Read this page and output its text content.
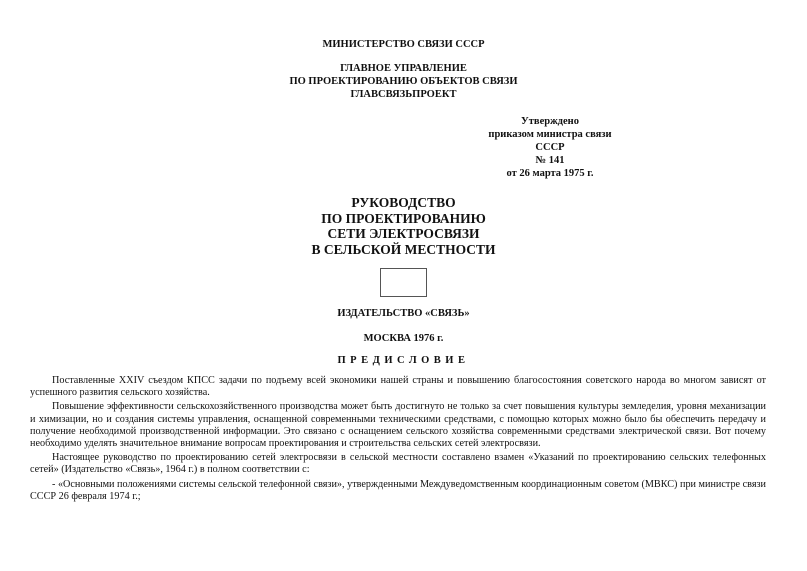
МИНИСТЕРСТВО СВЯЗИ СССР
ГЛАВНОЕ УПРАВЛЕНИЕ
ПО ПРОЕКТИРОВАНИЮ ОБЪЕКТОВ СВЯЗИ
ГЛАВСВЯЗЬПРОЕКТ
Утверждено
приказом министра связи
СССР
№ 141
от 26 марта 1975 г.
РУКОВОДСТВО
ПО ПРОЕКТИРОВАНИЮ
СЕТИ ЭЛЕКТРОСВЯЗИ
В СЕЛЬСКОЙ МЕСТНОСТИ
ИЗДАТЕЛЬСТВО «СВЯЗЬ»
МОСКВА 1976 г.
ПРЕДИСЛОВИЕ

Поставленные XXIV съездом КПСС задачи по подъему всей экономики нашей страны и повышению благосостояния советского народа во многом зависят от успешного развития сельского хозяйства.

Повышение эффективности сельскохозяйственного производства может быть достигнуто не только за счет повышения культуры земледелия, уровня механизации и химизации, но и создания системы управления, оснащенной современными техническими средствами, с помощью которых можно было бы обеспечить передачу и получение необходимой производственной информации. Это связано с оснащением сельского хозяйства современными средствами электрической связи. Вот почему необходимо уделять значительное внимание вопросам проектирования и строительства сельских сетей электросвязи.

Настоящее руководство по проектированию сетей электросвязи в сельской местности составлено взамен «Указаний по проектированию сельских телефонных сетей» (Издательство «Связь», 1964 г.) в полном соответствии с:

- «Основными положениями системы сельской телефонной связи», утвержденными Междуведомственным координационным советом (МВКС) при министре связи СССР 26 февраля 1974 г.;
